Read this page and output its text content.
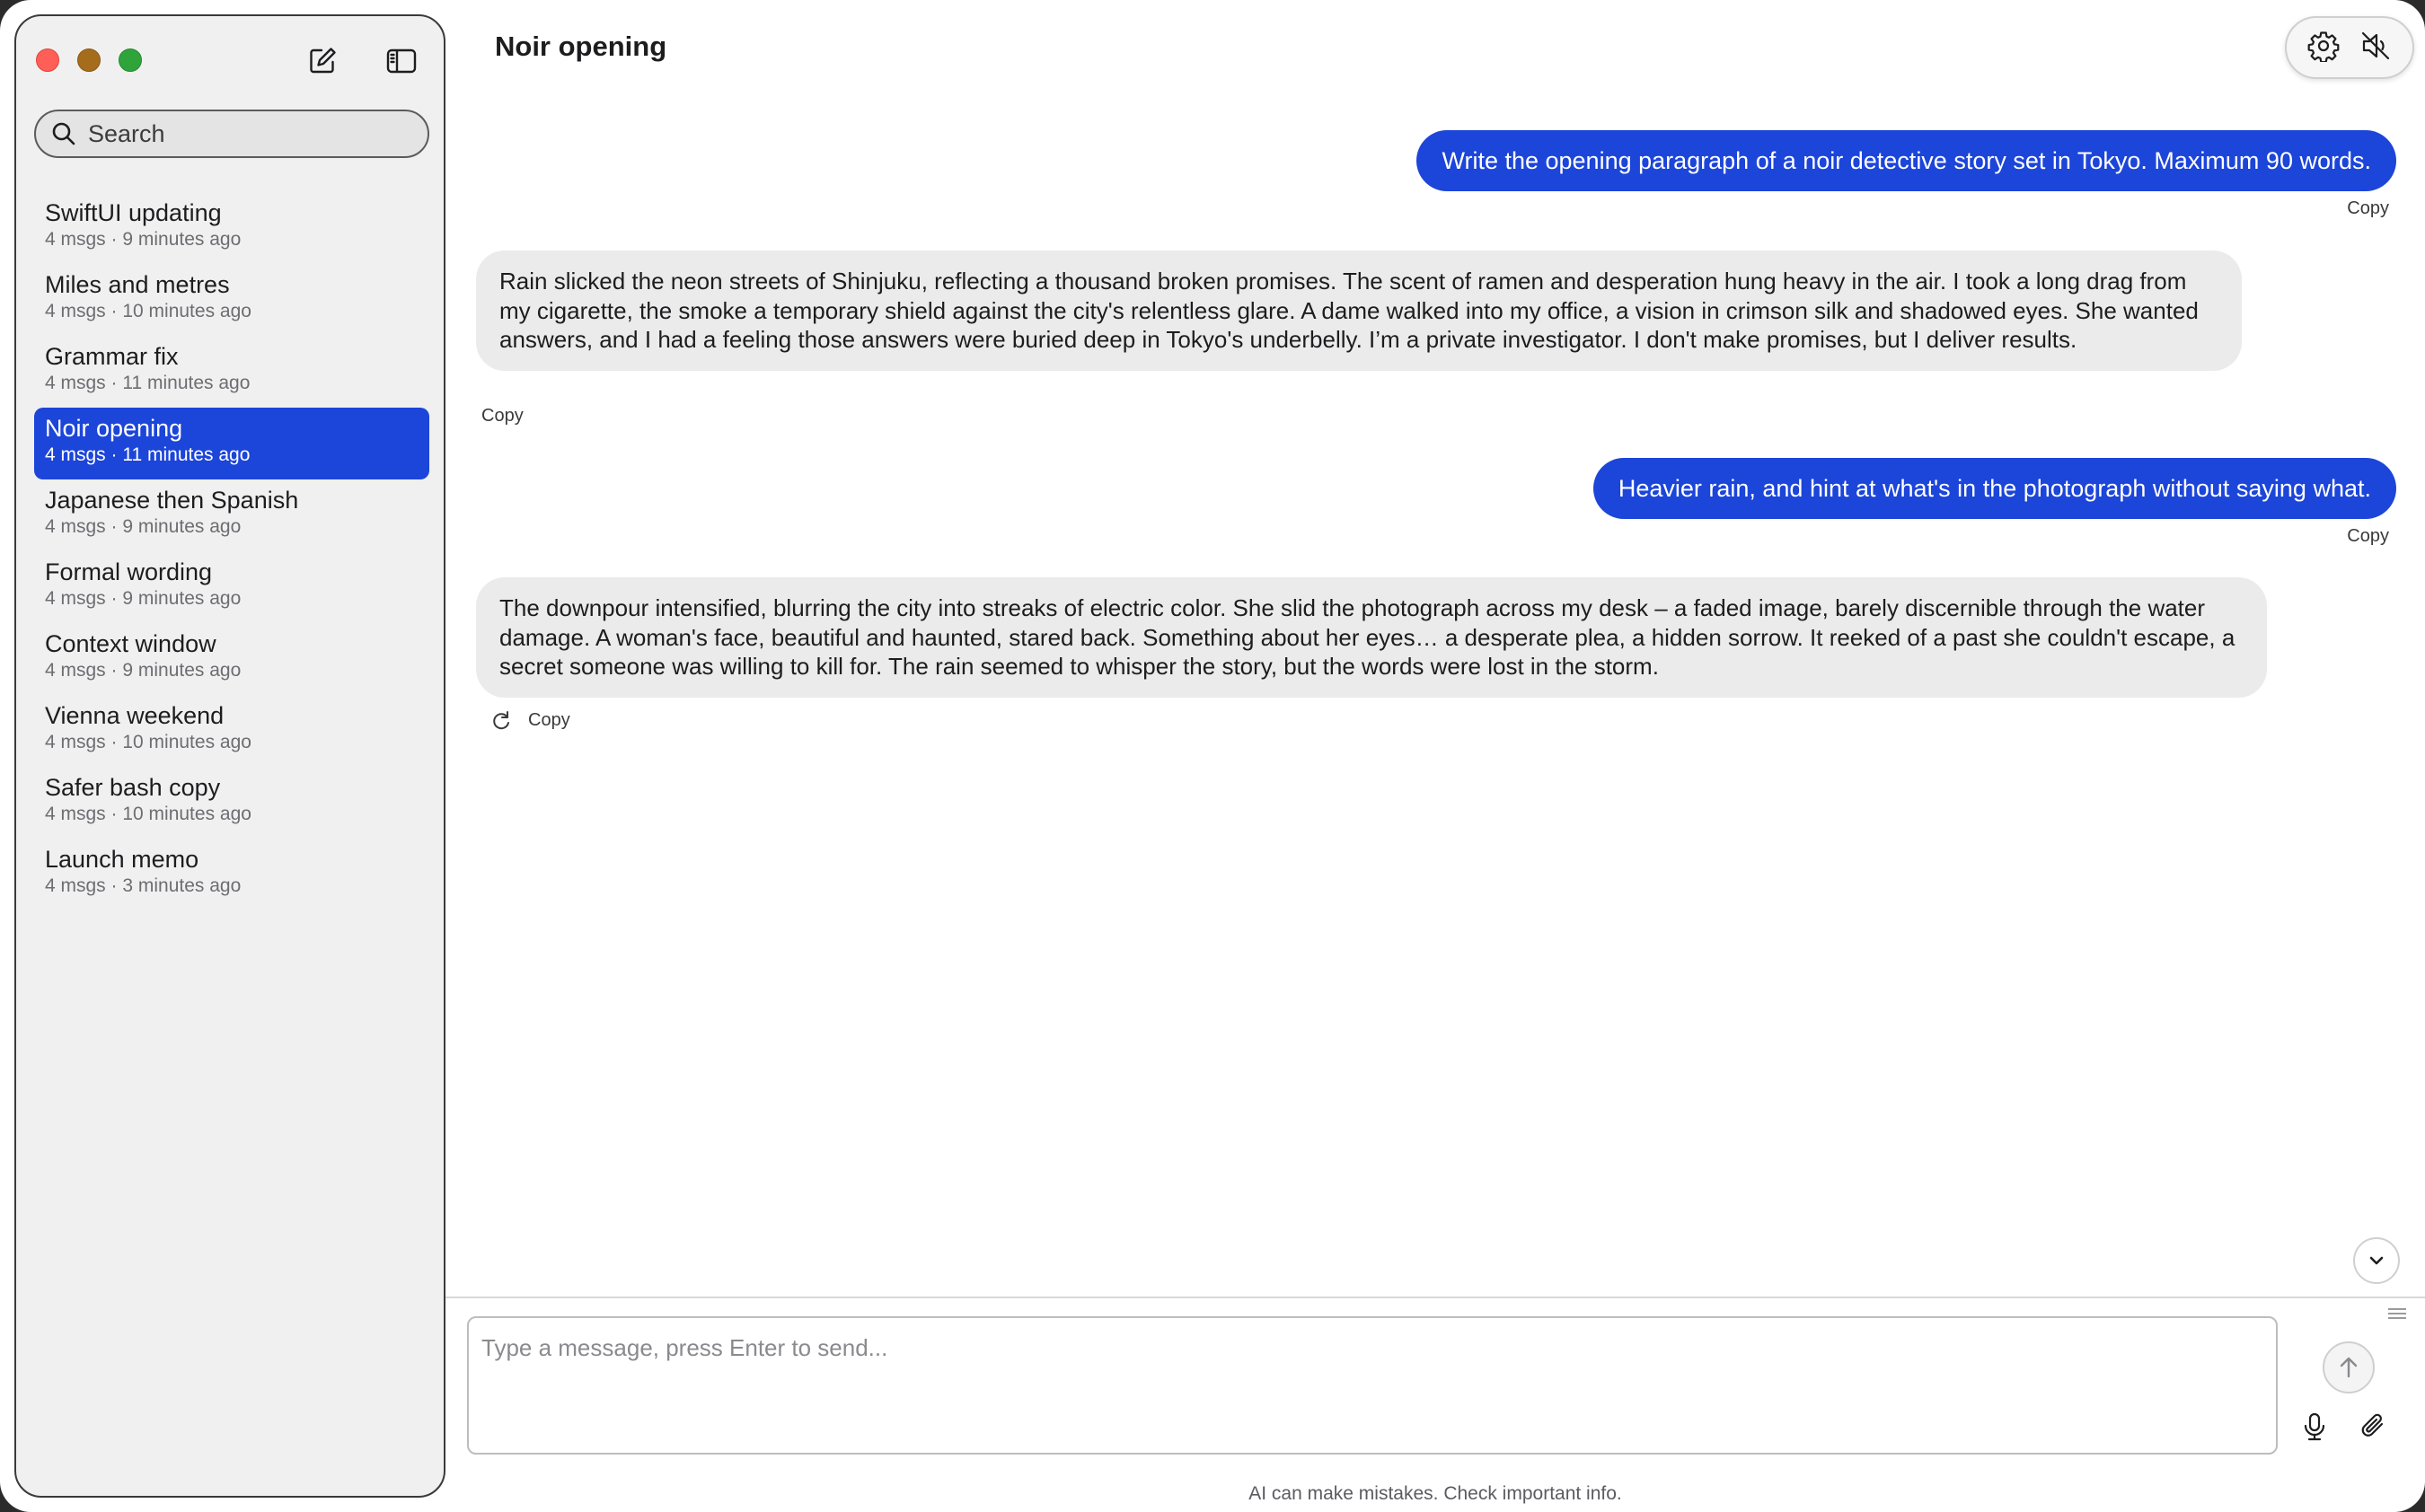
Search
SwiftUI updating
4 msgs · 9 minutes ago
Miles and metres
4 msgs · 10 minutes ago
Grammar fix
4 msgs · 11 minutes ago
Noir opening
4 msgs · 11 minutes ago
Japanese then Spanish
4 msgs · 9 minutes ago
Formal wording
4 msgs · 9 minutes ago
Context window
4 msgs · 9 minutes ago
Vienna weekend
4 msgs · 10 minutes ago
Safer bash copy
4 msgs · 10 minutes ago
Launch memo
4 msgs · 3 minutes ago
Noir opening
Write the opening paragraph of a noir detective story set in Tokyo. Maximum 90 words.
Copy
Rain slicked the neon streets of Shinjuku, reflecting a thousand broken promises. The scent of ramen and desperation hung heavy in the air. I took a long drag from my cigarette, the smoke a temporary shield against the city's relentless glare. A dame walked into my office, a vision in crimson silk and shadowed eyes. She wanted answers, and I had a feeling those answers were buried deep in Tokyo's underbelly. I’m a private investigator. I don't make promises, but I deliver results.
Copy
Heavier rain, and hint at what's in the photograph without saying what.
Copy
The downpour intensified, blurring the city into streaks of electric color. She slid the photograph across my desk – a faded image, barely discernible through the water damage. A woman's face, beautiful and haunted, stared back. Something about her eyes… a desperate plea, a hidden sorrow. It reeked of a past she couldn't escape, a secret someone was willing to kill for. The rain seemed to whisper the story, but the words were lost in the storm.
Copy
Type a message, press Enter to send...
AI can make mistakes. Check important info.
